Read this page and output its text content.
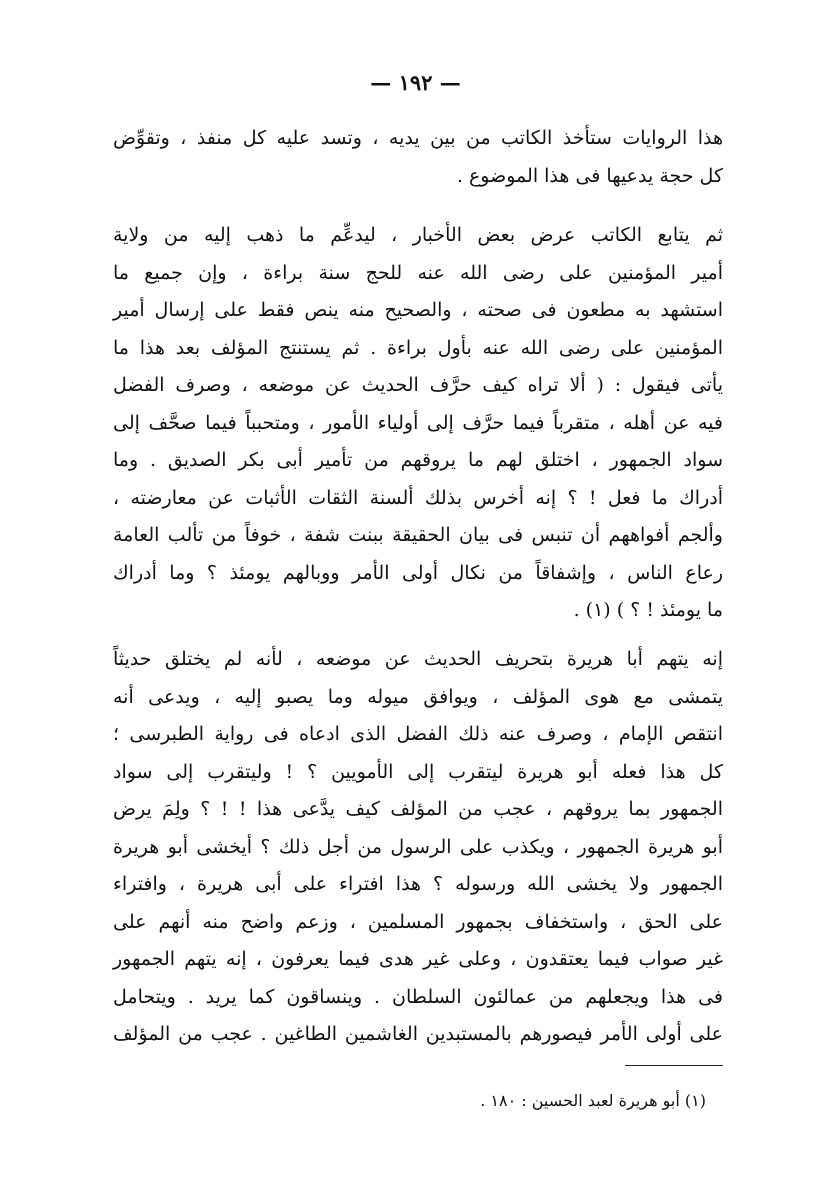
— ١٩٢ —
هذا الروايات ستأخذ الكاتب من بين يديه ، وتسد عليه كل منفذ ، وتقوِّض
كل حجة يدعيها فى هذا الموضوع .
ثم يتابع الكاتب عرض بعض الأخبار ، ليدعِّم ما ذهب إليه من ولاية
أمير المؤمنين على رضى الله عنه للحج سنة براءة ، وإن جميع ما
استشهد به مطعون فى صحته ، والصحيح منه ينص فقط على إرسال أمير
المؤمنين على رضى الله عنه بأول براءة . ثم يستنتج المؤلف بعد هذا ما
يأتى فيقول : ( ألا تراه كيف حرَّف الحديث عن موضعه ، وصرف الفضل
فيه عن أهله ، متقرباً فيما حرَّف إلى أولياء الأمور ، ومتحبباً فيما صحَّف إلى
سواد الجمهور ، اختلق لهم ما يروقهم من تأمير أبى بكر الصديق . وما
أدراك ما فعل ! ؟ إنه أخرس بذلك ألسنة الثقات الأثبات عن معارضته ،
وألجم أفواههم أن تنبس فى بيان الحقيقة ببنت شفة ، خوفاً من تألب العامة
رعاع الناس ، وإشفاقاً من نكال أولى الأمر ووبالهم يومئذ ؟ وما أدراك
ما يومئذ ! ؟ ) (١) .
إنه يتهم أبا هريرة بتحريف الحديث عن موضعه ، لأنه لم يختلق حديثاً
يتمشى مع هوى المؤلف ، ويوافق ميوله وما يصبو إليه ، ويدعى أنه
انتقص الإمام ، وصرف عنه ذلك الفضل الذى ادعاه فى رواية الطبرسى ؛
كل هذا فعله أبو هريرة ليتقرب إلى الأمويين ؟ ! وليتقرب إلى سواد
الجمهور بما يروقهم ، عجب من المؤلف كيف يدَّعى هذا ! ! ؟ ولِمَ يرض
أبو هريرة الجمهور ، ويكذب على الرسول من أجل ذلك ؟ أيخشى أبو هريرة
الجمهور ولا يخشى الله ورسوله ؟ هذا افتراء على أبى هريرة ، وافتراء
على الحق ، واستخفاف بجمهور المسلمين ، وزعم واضح منه أنهم على
غير صواب فيما يعتقدون ، وعلى غير هدى فيما يعرفون ، إنه يتهم الجمهور
فى هذا ويجعلهم من عمالئون السلطان . وينساقون كما يريد . ويتحامل
على أولى الأمر فيصورهم بالمستبدين الغاشمين الطاغين . عجب من المؤلف
(١) أبو هريرة لعبد الحسين : ١٨٠ .
